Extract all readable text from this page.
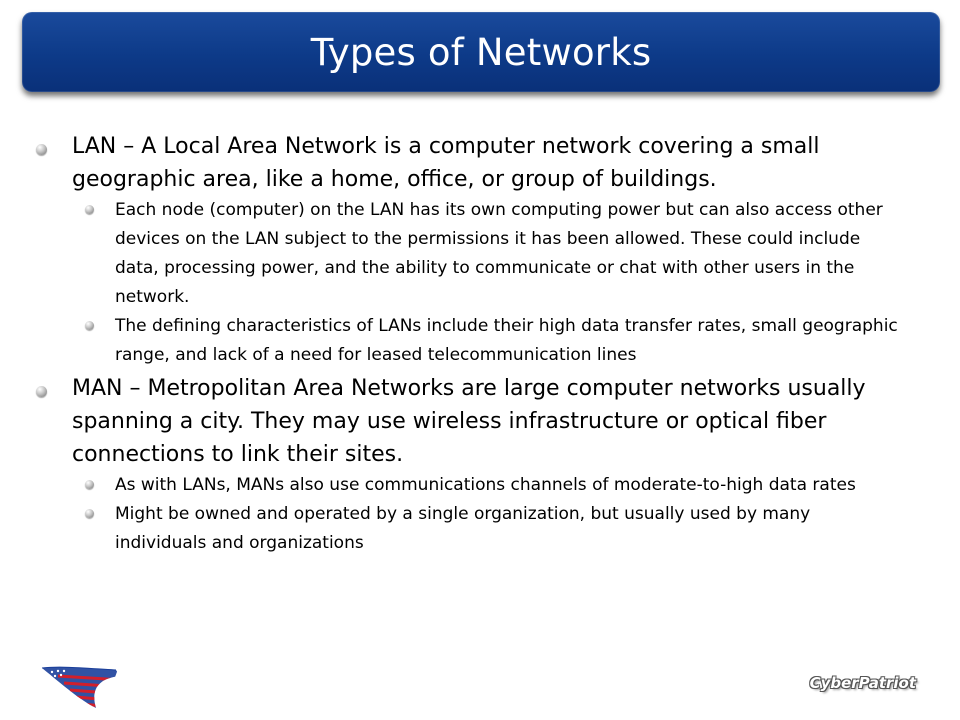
Types of Networks
LAN – A Local Area Network is a computer network covering a small geographic area, like a home, office, or group of buildings.
Each node (computer) on the LAN has its own computing power but can also access other devices on the LAN subject to the permissions it has been allowed. These could include data, processing power, and the ability to communicate or chat with other users in the network.
The defining characteristics of LANs include their high data transfer rates, small geographic range, and lack of a need for leased telecommunication lines
MAN – Metropolitan Area Networks are large computer networks usually spanning a city. They may use wireless infrastructure or optical fiber connections to link their sites.
As with LANs, MANs also use communications channels of moderate-to-high data rates
Might be owned and operated by a single organization, but usually used by many individuals and organizations
CyberPatriot
